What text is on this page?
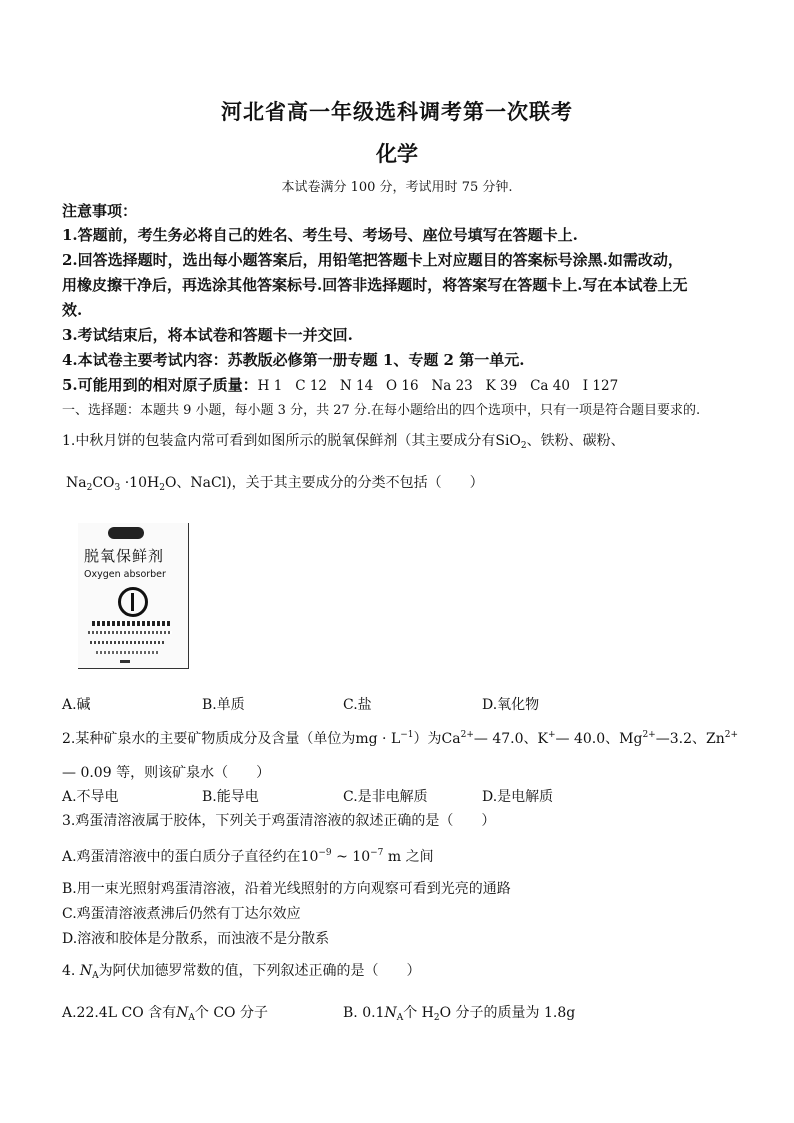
河北省高一年级选科调考第一次联考
化学
本试卷满分 100 分，考试用时 75 分钟.
注意事项：
1.答题前，考生务必将自己的姓名、考生号、考场号、座位号填写在答题卡上.
2.回答选择题时，选出每小题答案后，用铅笔把答题卡上对应题目的答案标号涂黑.如需改动，
用橡皮擦干净后，再选涂其他答案标号.回答非选择题时，将答案写在答题卡上.写在本试卷上无
效.
3.考试结束后，将本试卷和答题卡一并交回.
4.本试卷主要考试内容：苏教版必修第一册专题 1、专题 2 第一单元.
5.可能用到的相对原子质量：H 1   C 12   N 14   O 16   Na 23   K 39   Ca 40   I 127
一、选择题：本题共 9 小题，每小题 3 分，共 27 分.在每小题给出的四个选项中，只有一项是符合题目要求的.
1.中秋月饼的包装盒内常可看到如图所示的脱氧保鲜剂（其主要成分有SiO$_2$、铁粉、碳粉、
$Na_2CO_3 \cdot 10H_2O$、NaCl)，关于其主要成分的分类不包括（　　）
脱氧保鲜剂
Oxygen absorber
A.碱	B.单质	C.盐	D.氧化物
2.某种矿泉水的主要矿物质成分及含量（单位为mg · $L^{-1}$）为$Ca^{2+}—$ 47.0、K+— 40.0、$Mg^{2+}—3.2$、$Zn^{2+}$
— 0.09 等，则该矿泉水（　　）
A.不导电	B.能导电	C.是非电解质	D.是电解质
3.鸡蛋清溶液属于胶体，下列关于鸡蛋清溶液的叙述正确的是（　　）
A.鸡蛋清溶液中的蛋白质分子直径约在$10^{-9}$ ~ $10^{-7}$ m 之间
B.用一束光照射鸡蛋清溶液，沿着光线照射的方向观察可看到光亮的通路
C.鸡蛋清溶液煮沸后仍然有丁达尔效应
D.溶液和胶体是分散系，而浊液不是分散系
4. $N_A$为阿伏加德罗常数的值，下列叙述正确的是（　　）
A.22.4L CO 含有$N_A$个 CO 分子	B. $0.1N_A$个 $H_2O$ 分子的质量为 1.8g
